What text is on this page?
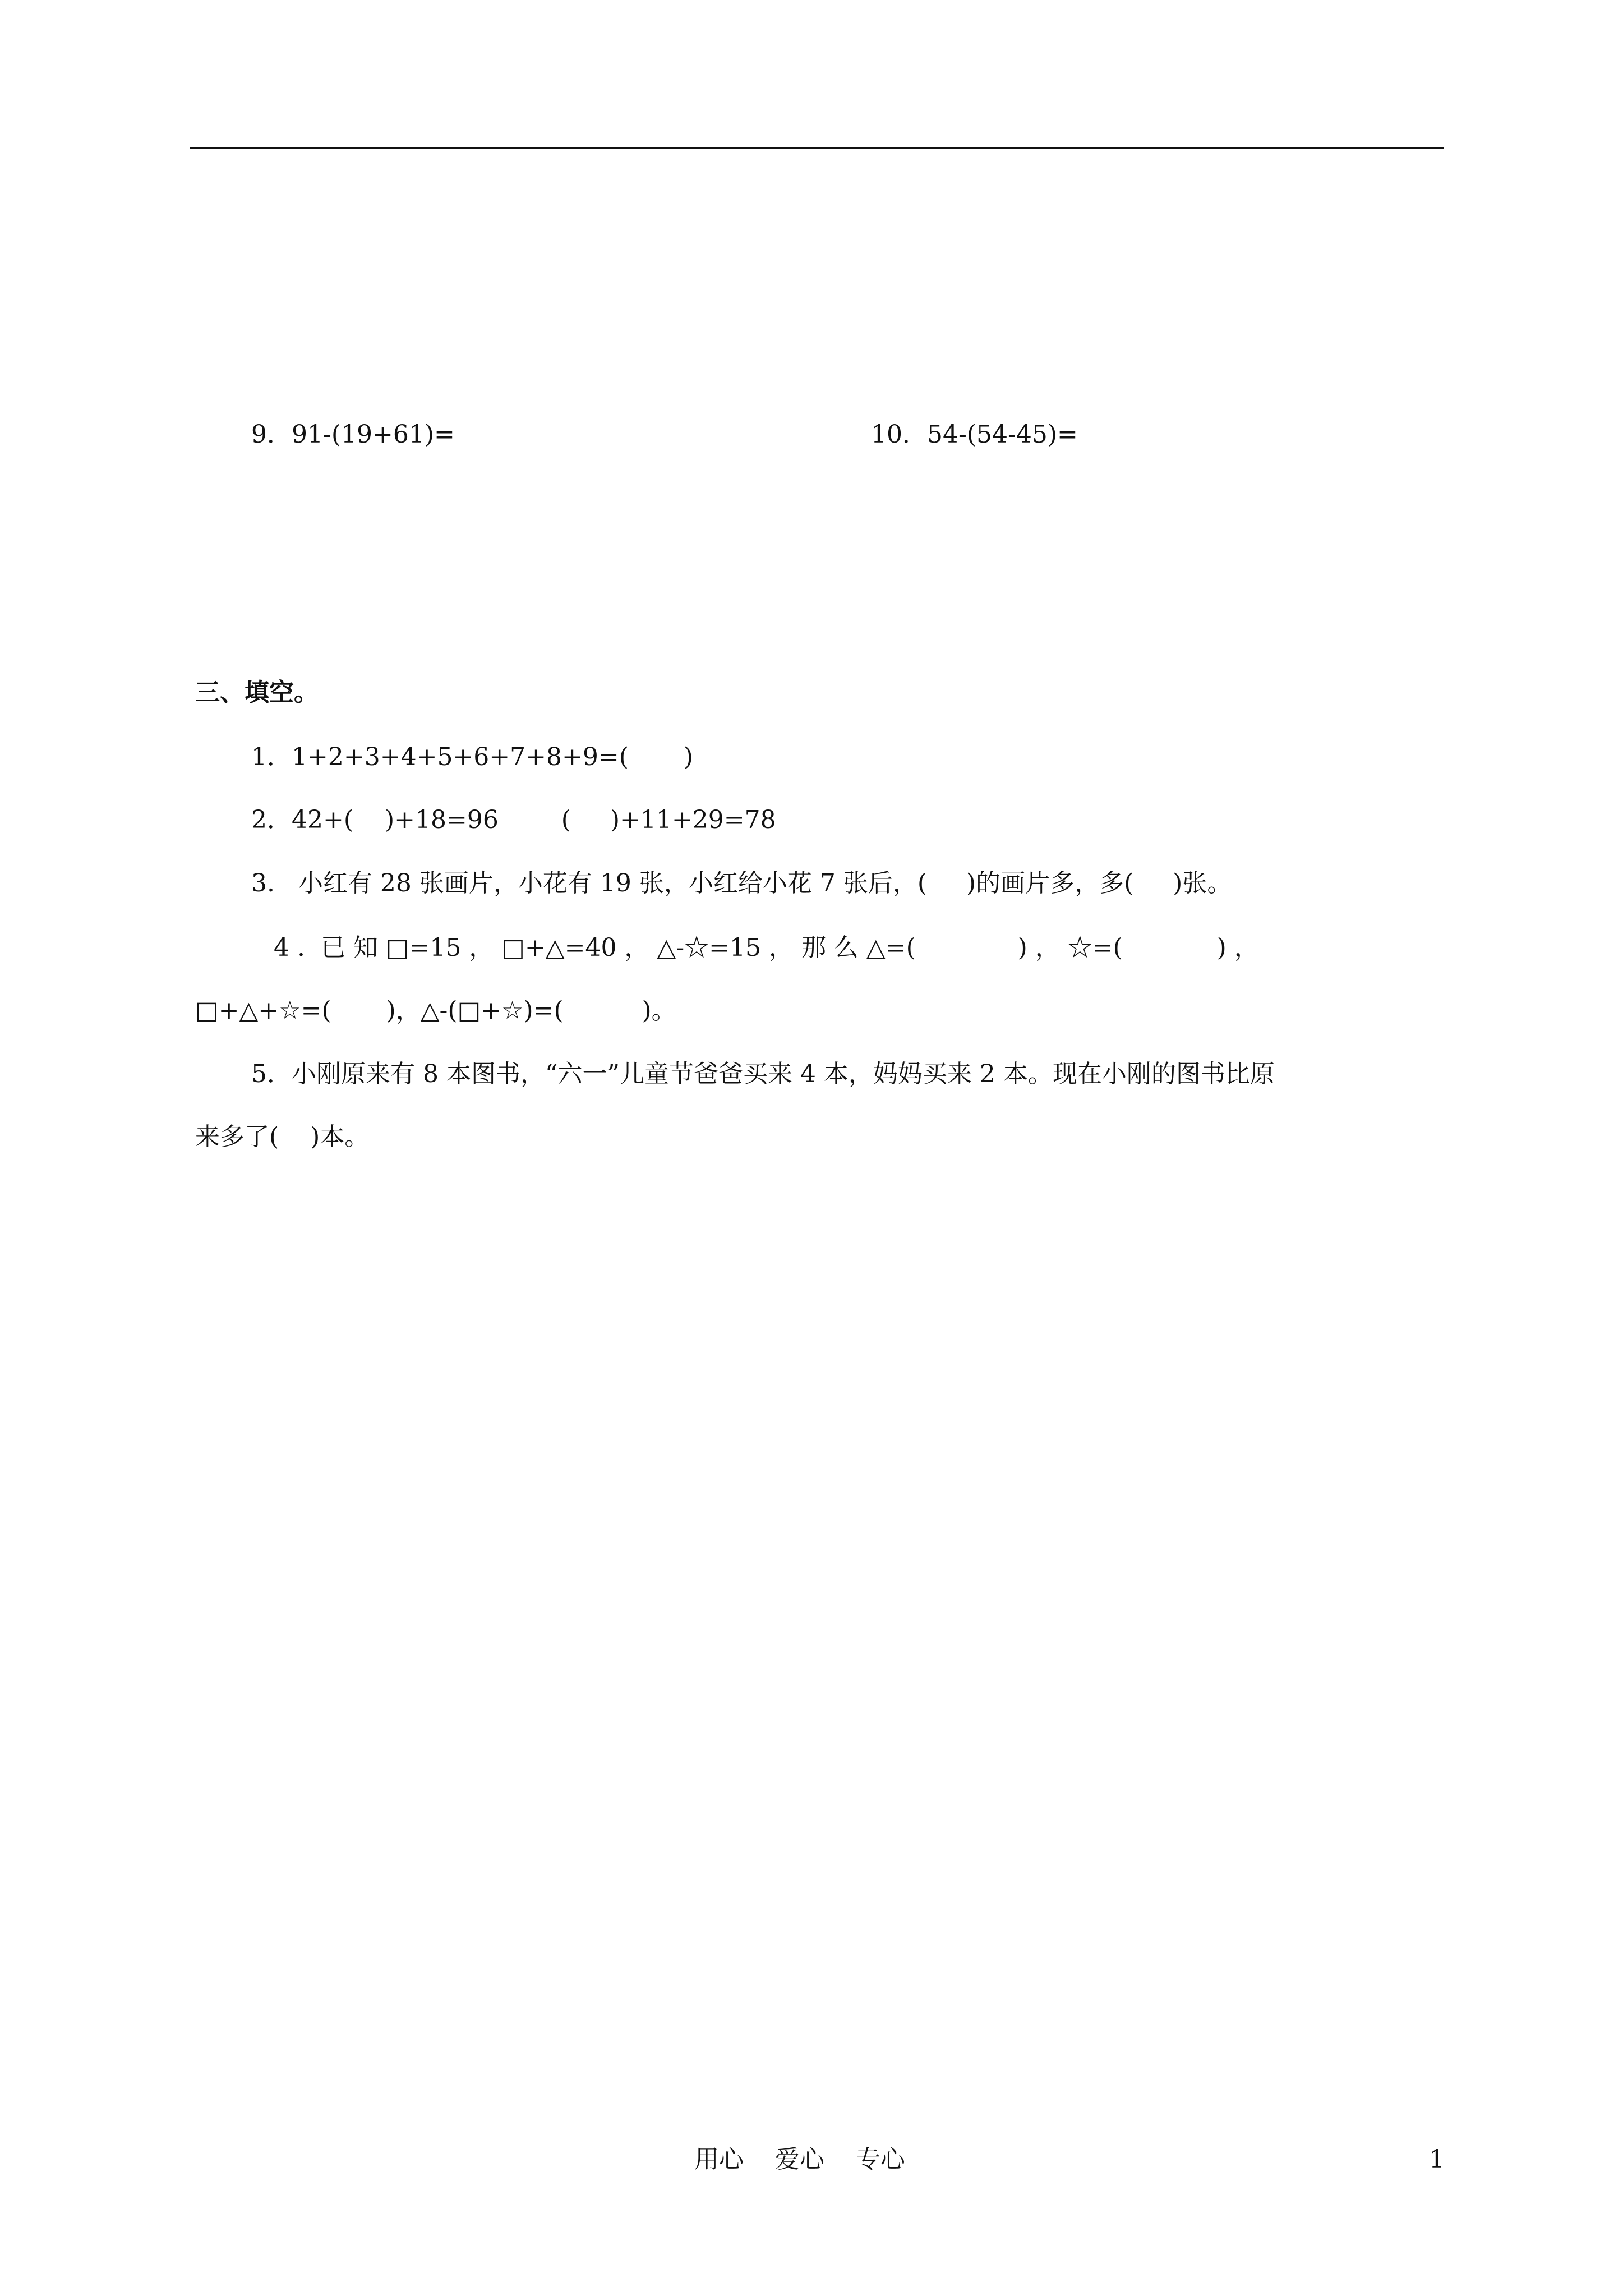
9．91-(19+61)=	10．54-(54-45)=
三、填空。
1．1+2+3+4+5+6+7+8+9=(       )
2．42+(    )+18=96        (     )+11+29=78
3.   小红有 28 张画片，小花有 19 张，小红给小花 7 张后，(     )的画片多，多(     )张。
4 .  已 知 □=15 ， □+△=40 ， △-☆=15 ， 那 么 △=(             ) ， ☆=(            ) ，
□+△+☆=(       )，△-(□+☆)=(          )。
5．小刚原来有 8 本图书，“六一”儿童节爸爸买来 4 本，妈妈买来 2 本。现在小刚的图书比原
来多了(    )本。
用心    爱心    专心	1
